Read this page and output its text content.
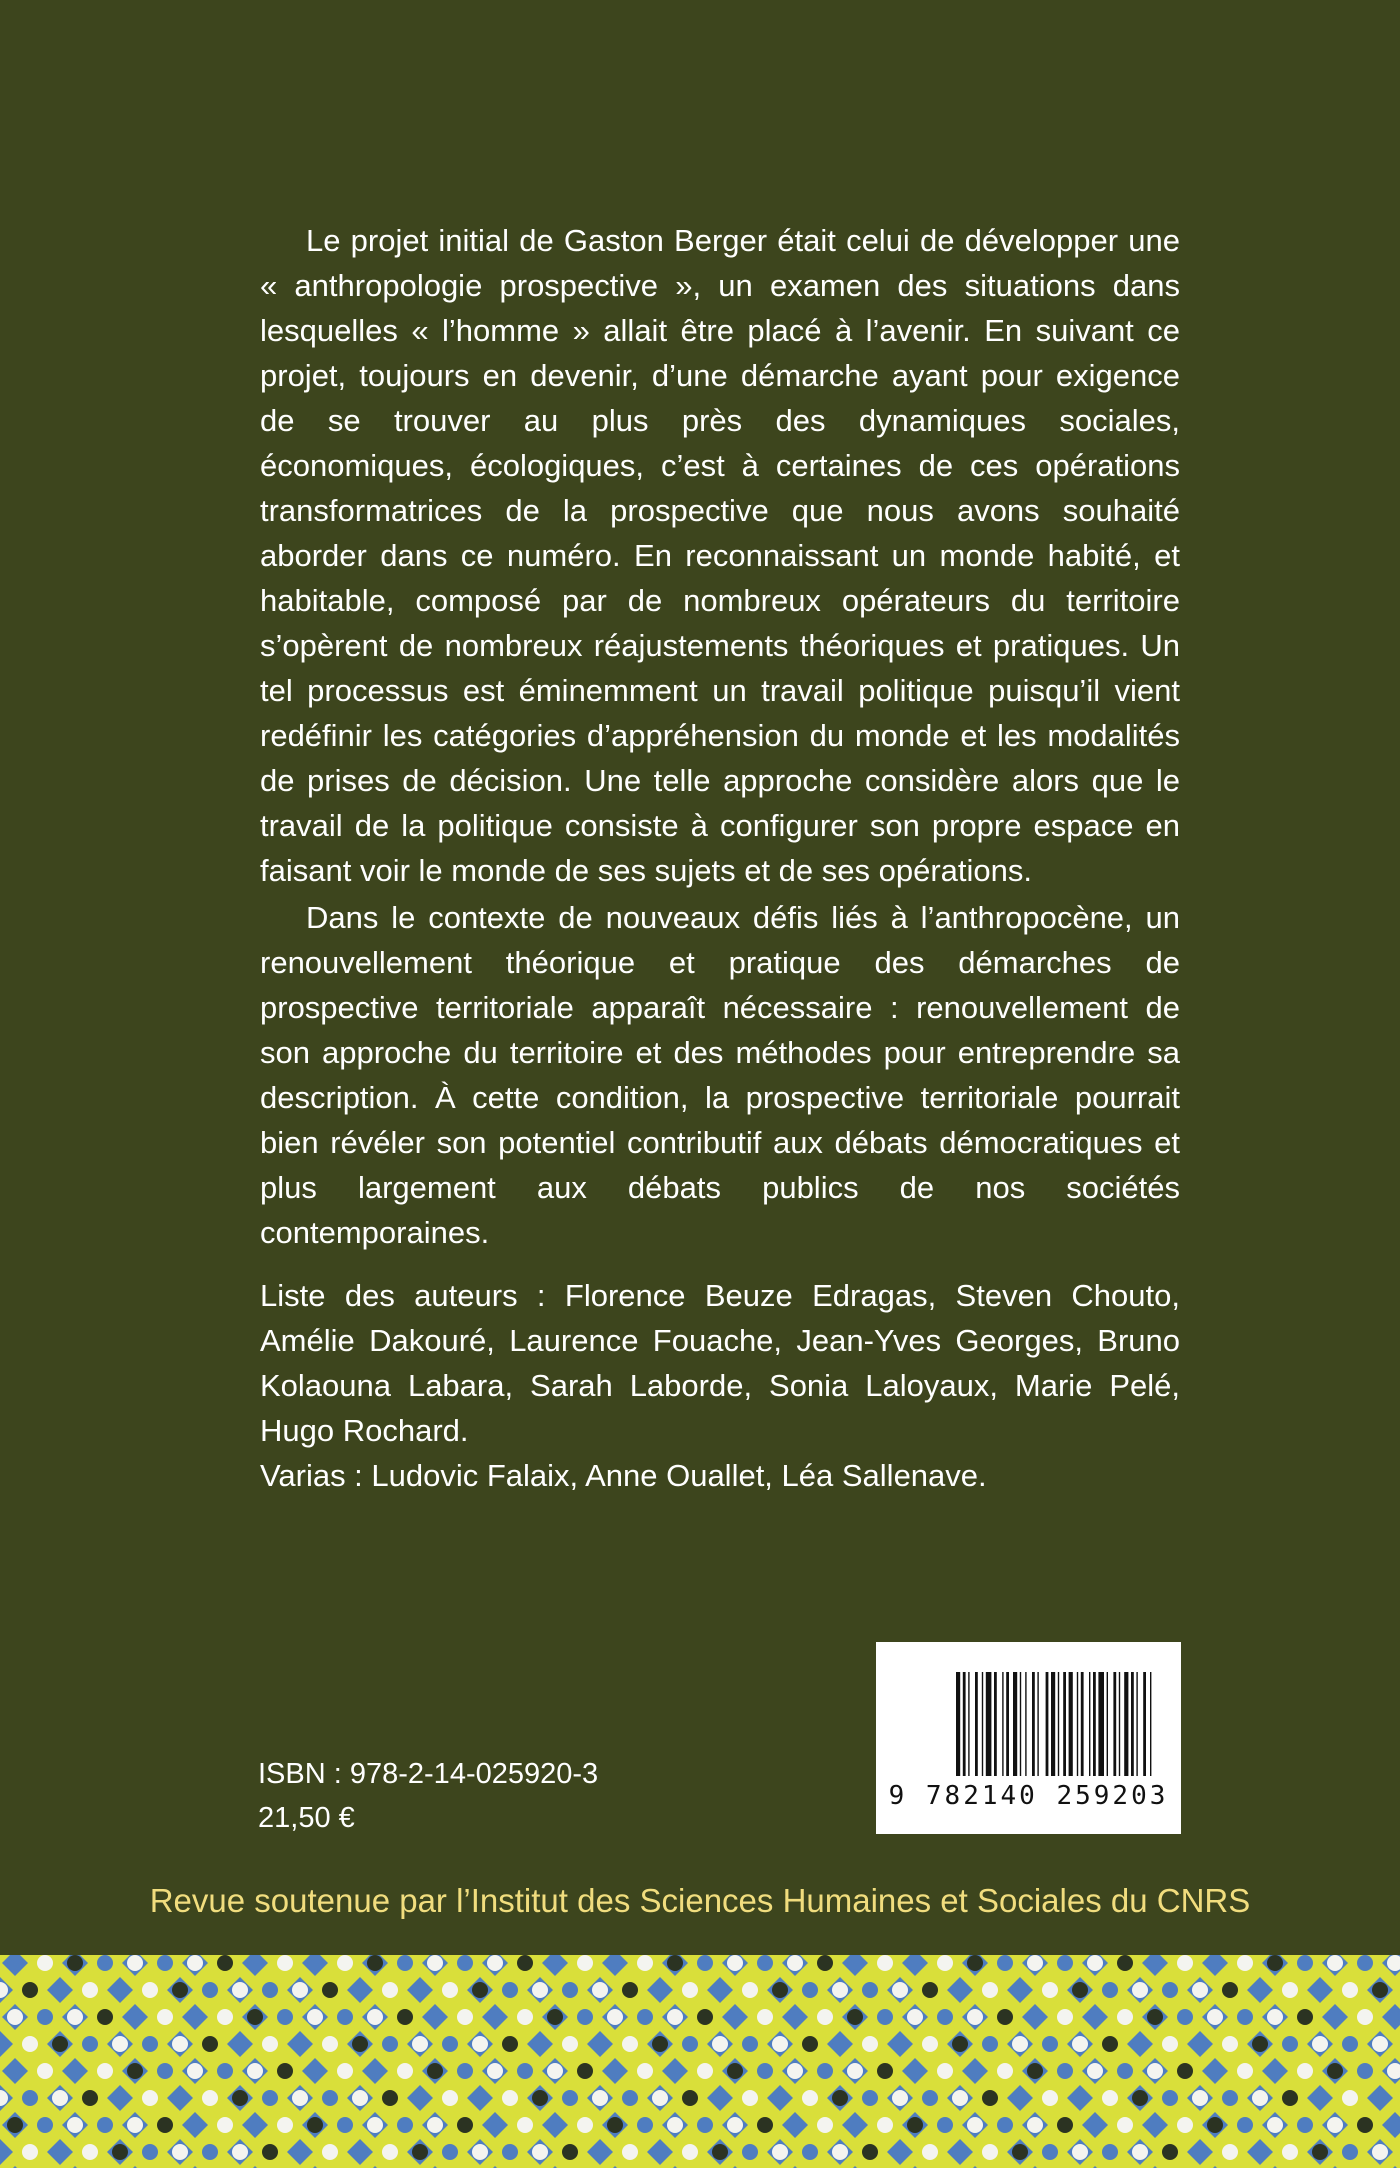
Le projet initial de Gaston Berger était celui de développer une « anthropologie prospective », un examen des situations dans lesquelles « l’homme » allait être placé à l’avenir. En suivant ce projet, toujours en devenir, d’une démarche ayant pour exigence de se trouver au plus près des dynamiques sociales, économiques, écologiques, c’est à certaines de ces opérations transformatrices de la prospective que nous avons souhaité aborder dans ce numéro. En reconnaissant un monde habité, et habitable, composé par de nombreux opérateurs du territoire s’opèrent de nombreux réajustements théoriques et pratiques. Un tel processus est éminemment un travail politique puisqu’il vient redéfinir les catégories d’appréhension du monde et les modalités de prises de décision. Une telle approche considère alors que le travail de la politique consiste à configurer son propre espace en faisant voir le monde de ses sujets et de ses opérations.

Dans le contexte de nouveaux défis liés à l’anthropocène, un renouvellement théorique et pratique des démarches de prospective territoriale apparaît nécessaire : renouvellement de son approche du territoire et des méthodes pour entreprendre sa description. À cette condition, la prospective territoriale pourrait bien révéler son potentiel contributif aux débats démocratiques et plus largement aux débats publics de nos sociétés contemporaines.

Liste des auteurs : Florence Beuze Edragas, Steven Chouto, Amélie Dakouré, Laurence Fouache, Jean-Yves Georges, Bruno Kolaouna Labara, Sarah Laborde, Sonia Laloyaux, Marie Pelé, Hugo Rochard.

Varias : Ludovic Falaix, Anne Ouallet, Léa Sallenave.

ISBN : 978-2-14-025920-3
21,50 €
9 782140 259203
Revue soutenue par l’Institut des Sciences Humaines et Sociales du CNRS
